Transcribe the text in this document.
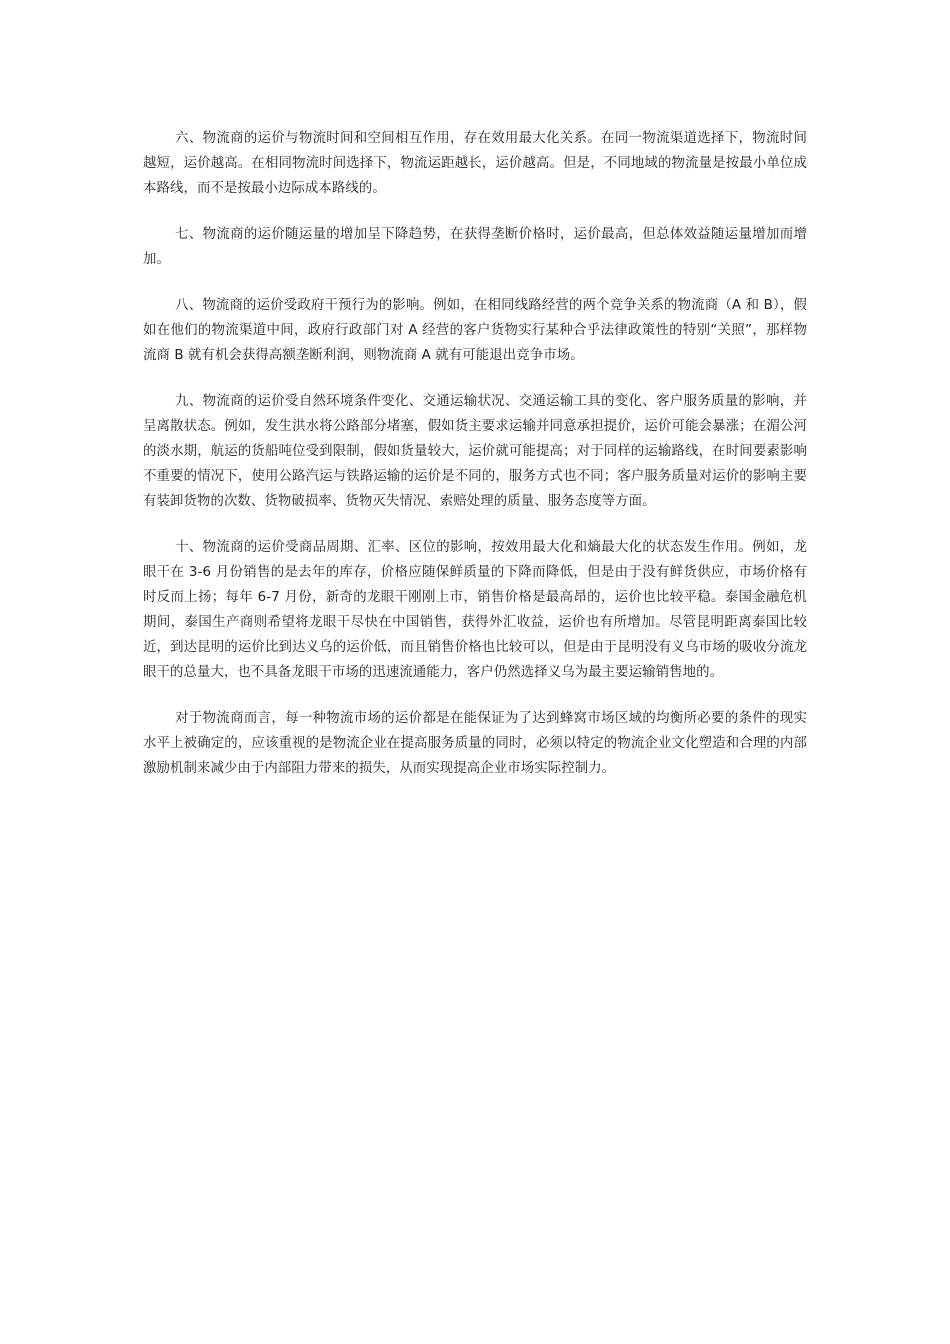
六、物流商的运价与物流时间和空间相互作用，存在效用最大化关系。在同一物流渠道选择下，物流时间越短，运价越高。在相同物流时间选择下，物流运距越长，运价越高。但是，不同地域的物流量是按最小单位成本路线，而不是按最小边际成本路线的。

七、物流商的运价随运量的增加呈下降趋势，在获得垄断价格时，运价最高，但总体效益随运量增加而增加。

八、物流商的运价受政府干预行为的影响。例如，在相同线路经营的两个竞争关系的物流商（A 和 B），假如在他们的物流渠道中间，政府行政部门对 A 经营的客户货物实行某种合乎法律政策性的特别“关照”，那样物流商 B 就有机会获得高额垄断利润，则物流商 A 就有可能退出竞争市场。

九、物流商的运价受自然环境条件变化、交通运输状况、交通运输工具的变化、客户服务质量的影响，并呈离散状态。例如，发生洪水将公路部分堵塞，假如货主要求运输并同意承担提价，运价可能会暴涨；在湄公河的淡水期，航运的货船吨位受到限制，假如货量较大，运价就可能提高；对于同样的运输路线，在时间要素影响不重要的情况下，使用公路汽运与铁路运输的运价是不同的，服务方式也不同；客户服务质量对运价的影响主要有装卸货物的次数、货物破损率、货物灭失情况、索赔处理的质量、服务态度等方面。

十、物流商的运价受商品周期、汇率、区位的影响，按效用最大化和熵最大化的状态发生作用。例如，龙眼干在 3-6 月份销售的是去年的库存，价格应随保鲜质量的下降而降低，但是由于没有鲜货供应，市场价格有时反而上扬；每年 6-7 月份，新奇的龙眼干刚刚上市，销售价格是最高昂的，运价也比较平稳。泰国金融危机期间，泰国生产商则希望将龙眼干尽快在中国销售，获得外汇收益，运价也有所增加。尽管昆明距离泰国比较近，到达昆明的运价比到达义乌的运价低，而且销售价格也比较可以，但是由于昆明没有义乌市场的吸收分流龙眼干的总量大，也不具备龙眼干市场的迅速流通能力，客户仍然选择义乌为最主要运输销售地的。

对于物流商而言，每一种物流市场的运价都是在能保证为了达到蜂窝市场区域的均衡所必要的条件的现实水平上被确定的，应该重视的是物流企业在提高服务质量的同时，必须以特定的物流企业文化塑造和合理的内部激励机制来减少由于内部阻力带来的损失，从而实现提高企业市场实际控制力。
